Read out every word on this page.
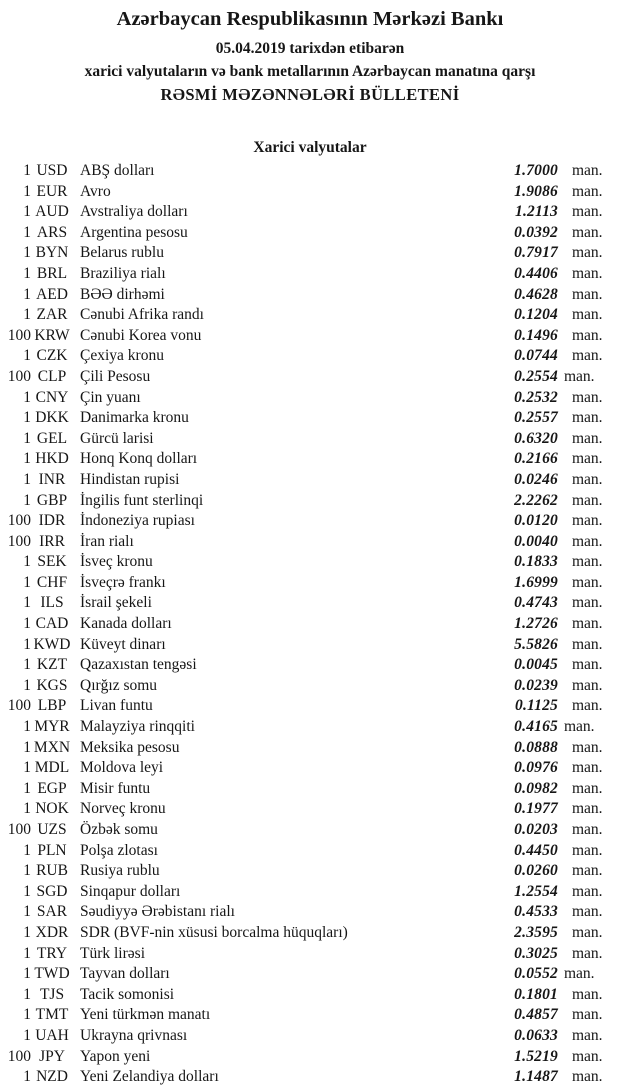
Azərbaycan Respublikasının Mərkəzi Bankı
05.04.2019 tarixdən etibarən
xarici valyutaların və bank metallarının Azərbaycan manatına qarşı
RƏSMİ MƏZƏNNƏLƏRİ BÜLLETENİ
Xarici valyutalar
1 USD ABŞ dolları	1.7000 man.
1 EUR Avro	1.9086 man.
1 AUD Avstraliya dolları	1.2113 man.
1 ARS Argentina pesosu	0.0392 man.
1 BYN Belarus rublu	0.7917 man.
1 BRL Braziliya rialı	0.4406 man.
1 AED BƏƏ dirhəmi	0.4628 man.
1 ZAR Cənubi Afrika randı	0.1204 man.
100 KRW Cənubi Korea vonu	0.1496 man.
1 CZK Çexiya kronu	0.0744 man.
100 CLP Çili Pesosu	0.2554 man.
1 CNY Çin yuanı	0.2532 man.
1 DKK Danimarka kronu	0.2557 man.
1 GEL Gürcü larisi	0.6320 man.
1 HKD Honq Konq dolları	0.2166 man.
1 INR Hindistan rupisi	0.0246 man.
1 GBP İngilis funt sterlinqi	2.2262 man.
100 IDR İndoneziya rupiası	0.0120 man.
100 IRR İran rialı	0.0040 man.
1 SEK İsveç kronu	0.1833 man.
1 CHF İsveçrə frankı	1.6999 man.
1 ILS	İsrail şekeli	0.4743 man.
1 CAD Kanada dolları	1.2726 man.
1 KWD Küveyt dinarı	5.5826 man.
1 KZT Qazaxıstan tengəsi	0.0045 man.
1 KGS Qırğız somu	0.0239 man.
100 LBP Livan funtu	0.1125 man.
1 MYR Malayziya rinqqiti	0.4165 man.
1 MXN Meksika pesosu	0.0888 man.
1 MDL Moldova leyi	0.0976 man.
1 EGP Misir funtu	0.0982 man.
1 NOK Norveç kronu	0.1977 man.
100 UZS Özbək somu	0.0203 man.
1 PLN Polşa zlotası	0.4450 man.
1 RUB Rusiya rublu	0.0260 man.
1 SGD Sinqapur dolları	1.2554 man.
1 SAR Səudiyyə Ərəbistanı rialı	0.4533 man.
1 XDR SDR (BVF-nin xüsusi borcalma hüquqları)	2.3595 man.
1 TRY Türk lirəsi	0.3025 man.
1 TWD Tayvan dolları	0.0552 man.
1 TJS	Tacik somonisi	0.1801 man.
1 TMT Yeni türkmən manatı	0.4857 man.
1 UAH Ukrayna qrivnası	0.0633 man.
100 JPY Yapon yeni	1.5219 man.
1 NZD Yeni Zelandiya dolları	1.1487 man.
